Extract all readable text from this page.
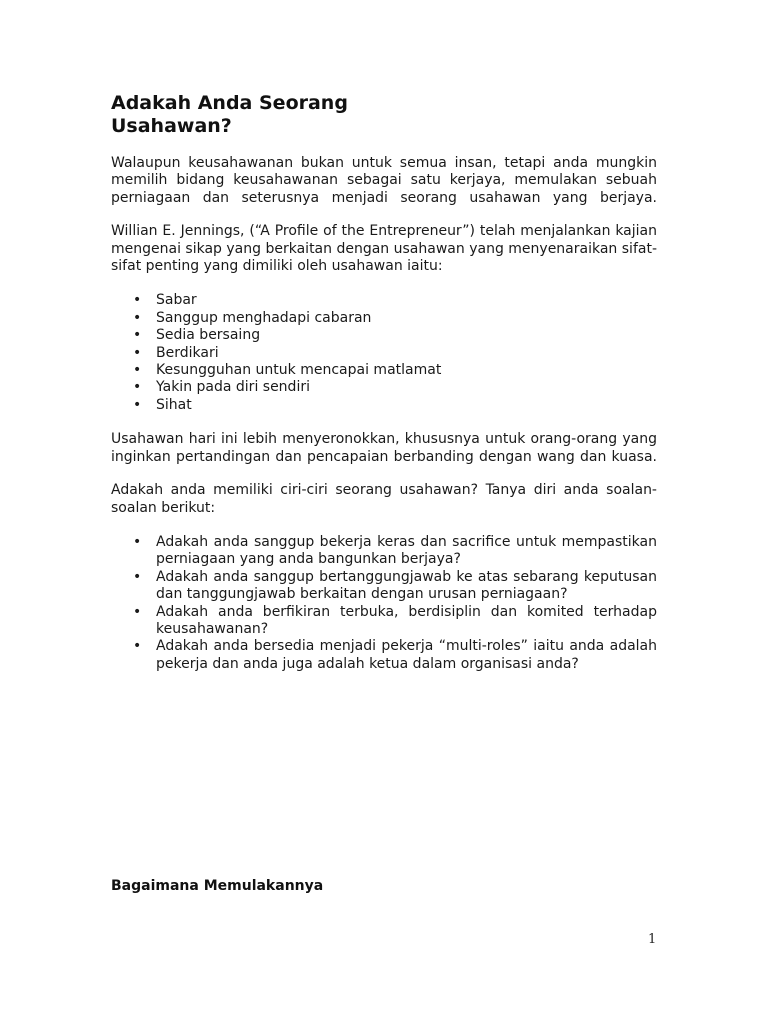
Adakah Anda Seorang
Usahawan?

Walaupun keusahawanan bukan untuk semua insan, tetapi anda mungkin memilih bidang keusahawanan sebagai satu kerjaya, memulakan sebuah perniagaan dan seterusnya menjadi seorang usahawan yang berjaya.

Willian E. Jennings, (“A Profile of the Entrepreneur”) telah menjalankan kajian mengenai sikap yang berkaitan dengan usahawan yang menyenaraikan sifat-sifat penting yang dimiliki oleh usahawan iaitu:

• Sabar
• Sanggup menghadapi cabaran
• Sedia bersaing
• Berdikari
• Kesungguhan untuk mencapai matlamat
• Yakin pada diri sendiri
• Sihat

Usahawan hari ini lebih menyeronokkan, khususnya untuk orang-orang yang inginkan pertandingan dan pencapaian berbanding dengan wang dan kuasa.

Adakah anda memiliki ciri-ciri seorang usahawan? Tanya diri anda soalan-soalan berikut:

• Adakah anda sanggup bekerja keras dan sacrifice untuk mempastikan perniagaan yang anda bangunkan berjaya?
• Adakah anda sanggup bertanggungjawab ke atas sebarang keputusan dan tanggungjawab berkaitan dengan urusan perniagaan?
• Adakah anda berfikiran terbuka, berdisiplin dan komited terhadap keusahawanan?
• Adakah anda bersedia menjadi pekerja “multi-roles” iaitu anda adalah pekerja dan anda juga adalah ketua dalam organisasi anda?
Bagaimana Memulakannya
1
